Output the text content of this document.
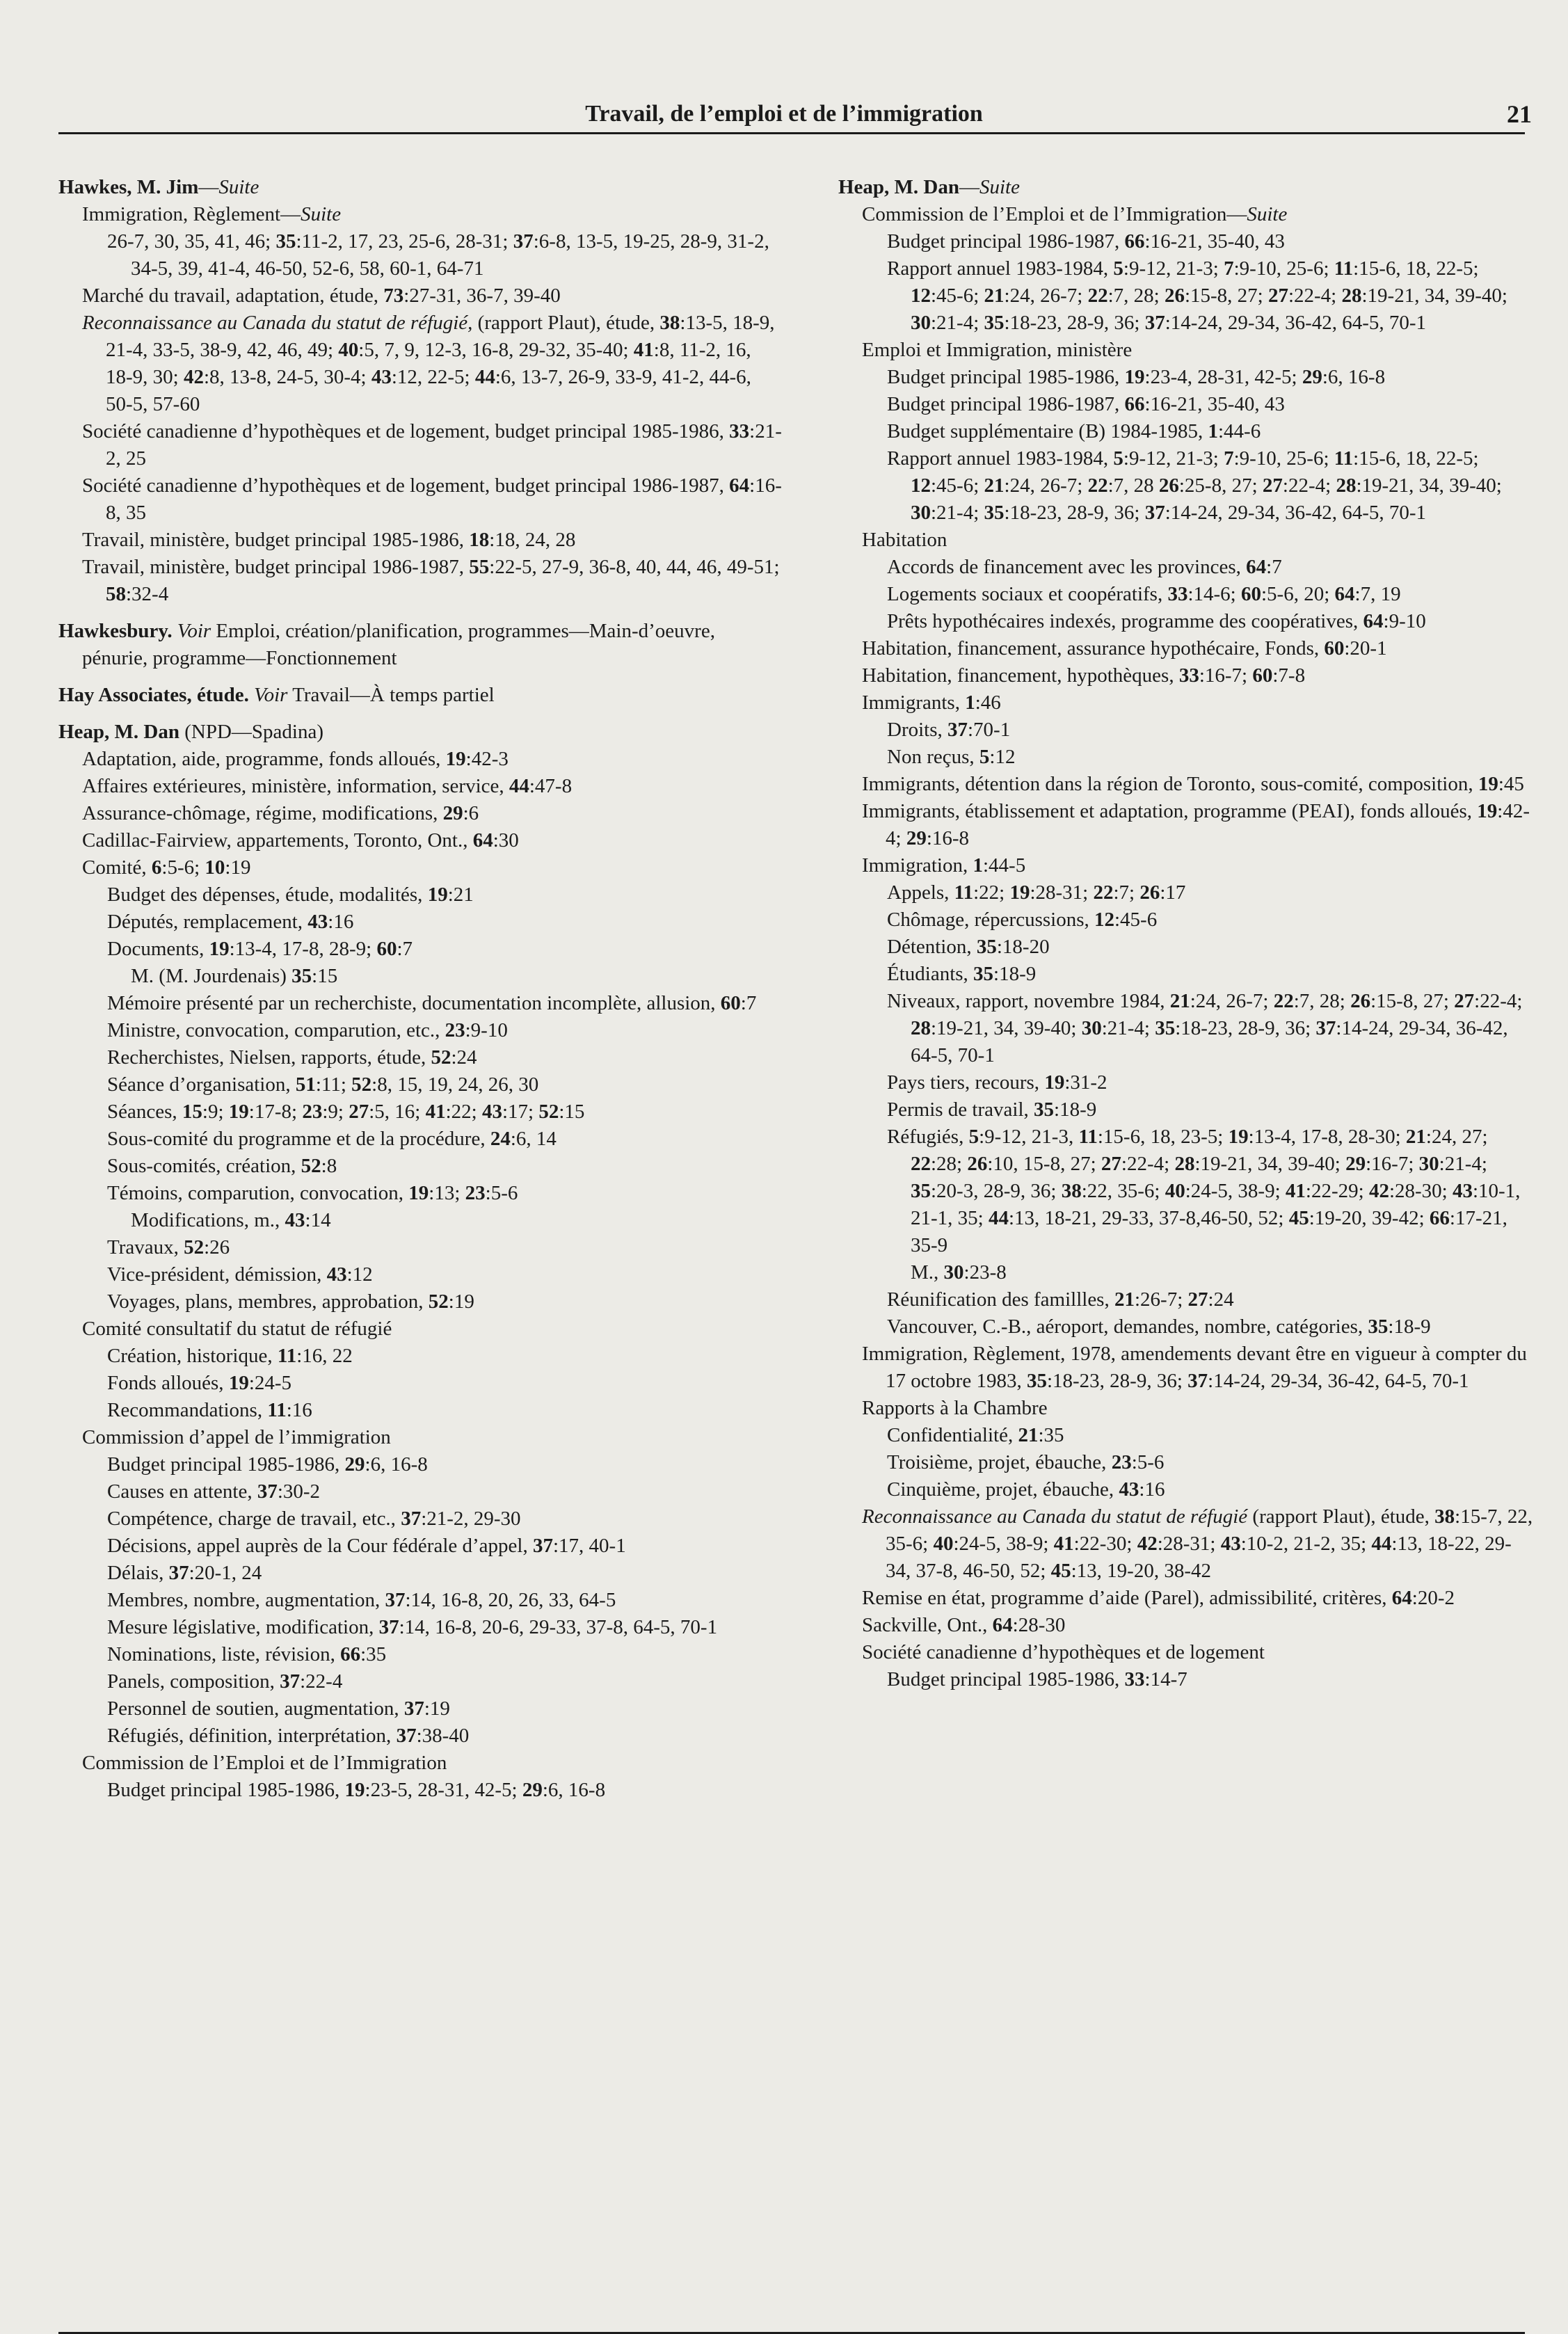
Travail, de l’emploi et de l’immigration	21
Hawkes, M. Jim—Suite
Immigration, Règlement—Suite
26-7, 30, 35, 41, 46; 35:11-2, 17, 23, 25-6, 28-31; 37:6-8, 13-5, 19-25, 28-9, 31-2, 34-5, 39, 41-4, 46-50, 52-6, 58, 60-1, 64-71
Marché du travail, adaptation, étude, 73:27-31, 36-7, 39-40
Reconnaissance au Canada du statut de réfugié, (rapport Plaut), étude, 38:13-5, 18-9, 21-4, 33-5, 38-9, 42, 46, 49; 40:5, 7, 9, 12-3, 16-8, 29-32, 35-40; 41:8, 11-2, 16, 18-9, 30; 42:8, 13-8, 24-5, 30-4; 43:12, 22-5; 44:6, 13-7, 26-9, 33-9, 41-2, 44-6, 50-5, 57-60
Société canadienne d’hypothèques et de logement, budget principal 1985-1986, 33:21-2, 25
Société canadienne d’hypothèques et de logement, budget principal 1986-1987, 64:16-8, 35
Travail, ministère, budget principal 1985-1986, 18:18, 24, 28
Travail, ministère, budget principal 1986-1987, 55:22-5, 27-9, 36-8, 40, 44, 46, 49-51; 58:32-4
Hawkesbury. Voir Emploi, création/planification, programmes—Main-d’oeuvre, pénurie, programme—Fonctionnement
Hay Associates, étude. Voir Travail—À temps partiel
Heap, M. Dan (NPD—Spadina)
Adaptation, aide, programme, fonds alloués, 19:42-3
Affaires extérieures, ministère, information, service, 44:47-8
Assurance-chômage, régime, modifications, 29:6
Cadillac-Fairview, appartements, Toronto, Ont., 64:30
Comité, 6:5-6; 10:19
Budget des dépenses, étude, modalités, 19:21
Députés, remplacement, 43:16
Documents, 19:13-4, 17-8, 28-9; 60:7
M. (M. Jourdenais) 35:15
Mémoire présenté par un recherchiste, documentation incomplète, allusion, 60:7
Ministre, convocation, comparution, etc., 23:9-10
Recherchistes, Nielsen, rapports, étude, 52:24
Séance d’organisation, 51:11; 52:8, 15, 19, 24, 26, 30
Séances, 15:9; 19:17-8; 23:9; 27:5, 16; 41:22; 43:17; 52:15
Sous-comité du programme et de la procédure, 24:6, 14
Sous-comités, création, 52:8
Témoins, comparution, convocation, 19:13; 23:5-6
Modifications, m., 43:14
Travaux, 52:26
Vice-président, démission, 43:12
Voyages, plans, membres, approbation, 52:19
Comité consultatif du statut de réfugié
Création, historique, 11:16, 22
Fonds alloués, 19:24-5
Recommandations, 11:16
Commission d’appel de l’immigration
Budget principal 1985-1986, 29:6, 16-8
Causes en attente, 37:30-2
Compétence, charge de travail, etc., 37:21-2, 29-30
Décisions, appel auprès de la Cour fédérale d’appel, 37:17, 40-1
Délais, 37:20-1, 24
Membres, nombre, augmentation, 37:14, 16-8, 20, 26, 33, 64-5
Mesure législative, modification, 37:14, 16-8, 20-6, 29-33, 37-8, 64-5, 70-1
Nominations, liste, révision, 66:35
Panels, composition, 37:22-4
Personnel de soutien, augmentation, 37:19
Réfugiés, définition, interprétation, 37:38-40
Commission de l’Emploi et de l’Immigration
Budget principal 1985-1986, 19:23-5, 28-31, 42-5; 29:6, 16-8
Heap, M. Dan—Suite
Commission de l’Emploi et de l’Immigration—Suite
Budget principal 1986-1987, 66:16-21, 35-40, 43
Rapport annuel 1983-1984, 5:9-12, 21-3; 7:9-10, 25-6; 11:15-6, 18, 22-5; 12:45-6; 21:24, 26-7; 22:7, 28; 26:15-8, 27; 27:22-4; 28:19-21, 34, 39-40; 30:21-4; 35:18-23, 28-9, 36; 37:14-24, 29-34, 36-42, 64-5, 70-1
Emploi et Immigration, ministère
Budget principal 1985-1986, 19:23-4, 28-31, 42-5; 29:6, 16-8
Budget principal 1986-1987, 66:16-21, 35-40, 43
Budget supplémentaire (B) 1984-1985, 1:44-6
Rapport annuel 1983-1984, 5:9-12, 21-3; 7:9-10, 25-6; 11:15-6, 18, 22-5; 12:45-6; 21:24, 26-7; 22:7, 28 26:25-8, 27; 27:22-4; 28:19-21, 34, 39-40; 30:21-4; 35:18-23, 28-9, 36; 37:14-24, 29-34, 36-42, 64-5, 70-1
Habitation
Accords de financement avec les provinces, 64:7
Logements sociaux et coopératifs, 33:14-6; 60:5-6, 20; 64:7, 19
Prêts hypothécaires indexés, programme des coopératives, 64:9-10
Habitation, financement, assurance hypothécaire, Fonds, 60:20-1
Habitation, financement, hypothèques, 33:16-7; 60:7-8
Immigrants, 1:46
Droits, 37:70-1
Non reçus, 5:12
Immigrants, détention dans la région de Toronto, sous-comité, composition, 19:45
Immigrants, établissement et adaptation, programme (PEAI), fonds alloués, 19:42-4; 29:16-8
Immigration, 1:44-5
Appels, 11:22; 19:28-31; 22:7; 26:17
Chômage, répercussions, 12:45-6
Détention, 35:18-20
Étudiants, 35:18-9
Niveaux, rapport, novembre 1984, 21:24, 26-7; 22:7, 28; 26:15-8, 27; 27:22-4; 28:19-21, 34, 39-40; 30:21-4; 35:18-23, 28-9, 36; 37:14-24, 29-34, 36-42, 64-5, 70-1
Pays tiers, recours, 19:31-2
Permis de travail, 35:18-9
Réfugiés, 5:9-12, 21-3, 11:15-6, 18, 23-5; 19:13-4, 17-8, 28-30; 21:24, 27; 22:28; 26:10, 15-8, 27; 27:22-4; 28:19-21, 34, 39-40; 29:16-7; 30:21-4; 35:20-3, 28-9, 36; 38:22, 35-6; 40:24-5, 38-9; 41:22-29; 42:28-30; 43:10-1, 21-1, 35; 44:13, 18-21, 29-33, 37-8,46-50, 52; 45:19-20, 39-42; 66:17-21, 35-9
M., 30:23-8
Réunification des famillles, 21:26-7; 27:24
Vancouver, C.-B., aéroport, demandes, nombre, catégories, 35:18-9
Immigration, Règlement, 1978, amendements devant être en vigueur à compter du 17 octobre 1983, 35:18-23, 28-9, 36; 37:14-24, 29-34, 36-42, 64-5, 70-1
Rapports à la Chambre
Confidentialité, 21:35
Troisième, projet, ébauche, 23:5-6
Cinquième, projet, ébauche, 43:16
Reconnaissance au Canada du statut de réfugié (rapport Plaut), étude, 38:15-7, 22, 35-6; 40:24-5, 38-9; 41:22-30; 42:28-31; 43:10-2, 21-2, 35; 44:13, 18-22, 29-34, 37-8, 46-50, 52; 45:13, 19-20, 38-42
Remise en état, programme d’aide (Parel), admissibilité, critères, 64:20-2
Sackville, Ont., 64:28-30
Société canadienne d’hypothèques et de logement
Budget principal 1985-1986, 33:14-7
